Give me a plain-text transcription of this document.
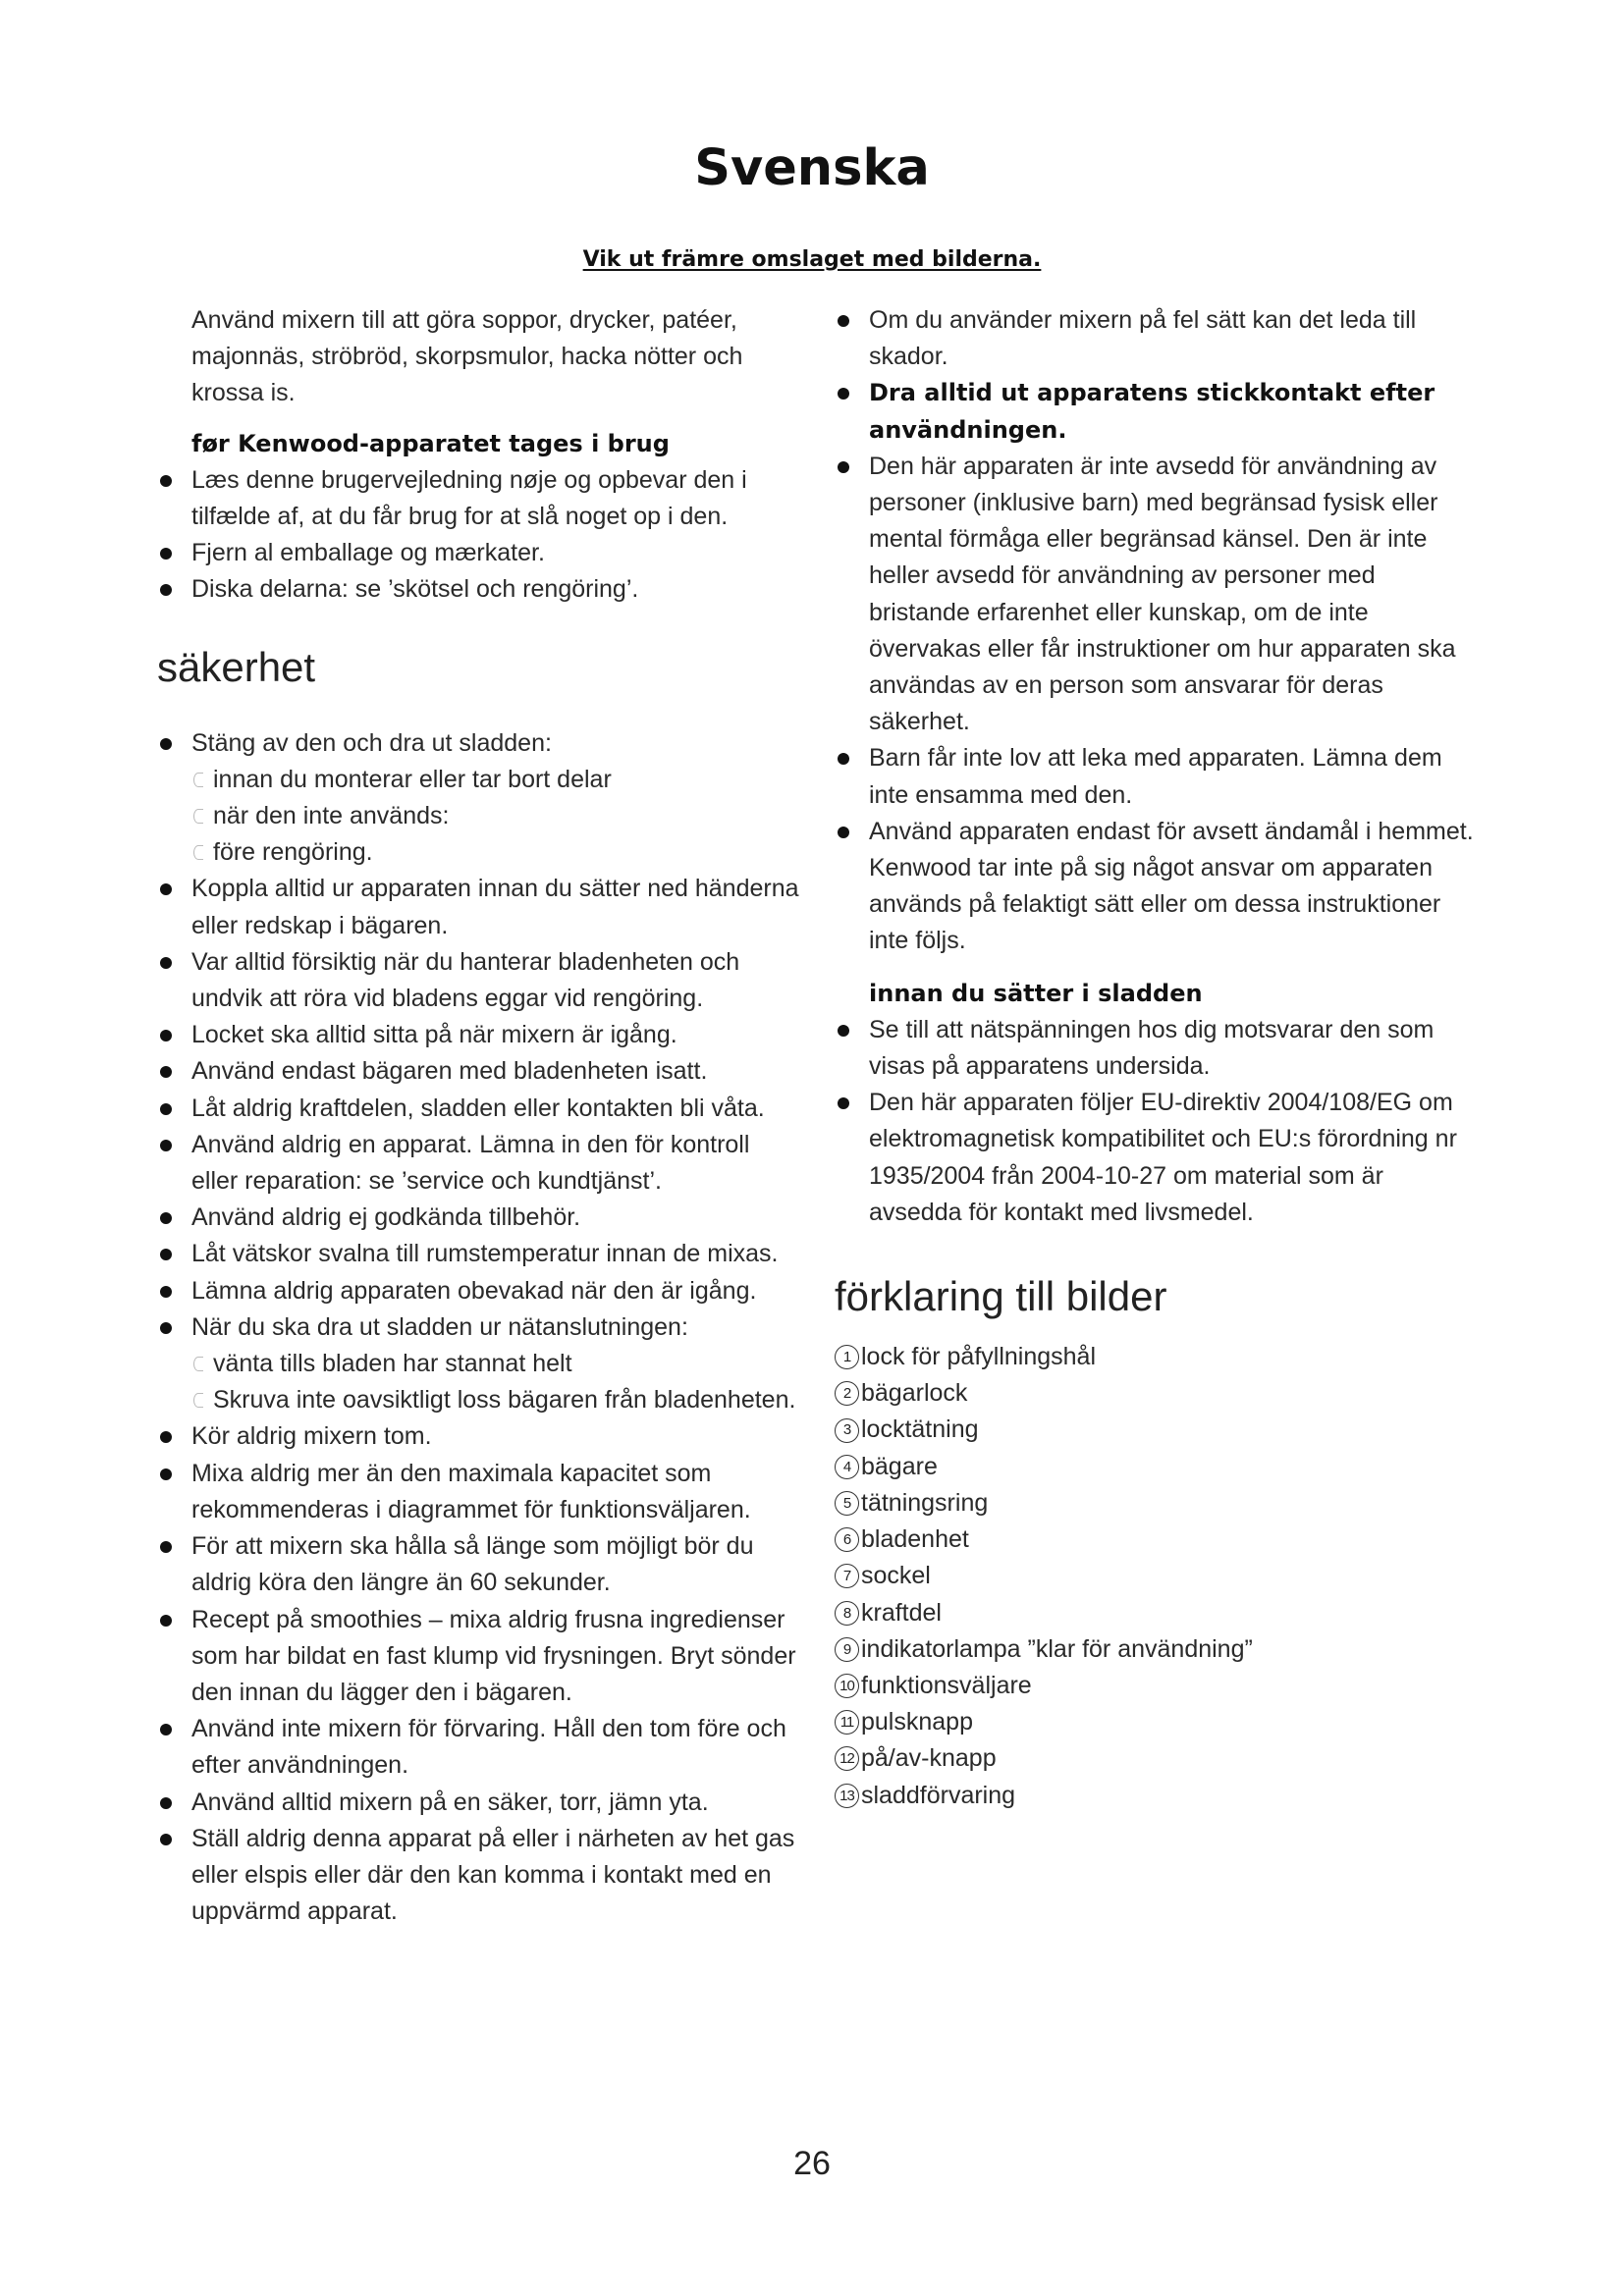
Svenska
Vik ut främre omslaget med bilderna.

Använd mixern till att göra soppor, drycker, patéer, majonnäs, ströbröd, skorpsmulor, hacka nötter och krossa is.

før Kenwood-apparatet tages i brug

Læs denne brugervejledning nøje og opbevar den i tilfælde af, at du får brug for at slå noget op i den.
Fjern al emballage og mærkater.
Diska delarna: se ’skötsel och rengöring’.
säkerhet
Stäng av den och dra ut sladden:
innan du monterar eller tar bort delar
när den inte används:
före rengöring.
Koppla alltid ur apparaten innan du sätter ned händerna eller redskap i bägaren.
Var alltid försiktig när du hanterar bladenheten och undvik att röra vid bladens eggar vid rengöring.
Locket ska alltid sitta på när mixern är igång.
Använd endast bägaren med bladenheten isatt.
Låt aldrig kraftdelen, sladden eller kontakten bli våta.
Använd aldrig en apparat. Lämna in den för kontroll eller reparation: se ’service och kundtjänst’.
Använd aldrig ej godkända tillbehör.
Låt vätskor svalna till rumstemperatur innan de mixas.
Lämna aldrig apparaten obevakad när den är igång.
När du ska dra ut sladden ur nätanslutningen:
vänta tills bladen har stannat helt
Skruva inte oavsiktligt loss bägaren från bladenheten.
Kör aldrig mixern tom.
Mixa aldrig mer än den maximala kapacitet som rekommenderas i diagrammet för funktionsväljaren.
För att mixern ska hålla så länge som möjligt bör du aldrig köra den längre än 60 sekunder.
Recept på smoothies – mixa aldrig frusna ingredienser som har bildat en fast klump vid frysningen. Bryt sönder den innan du lägger den i bägaren.
Använd inte mixern för förvaring. Håll den tom före och efter användningen.
Använd alltid mixern på en säker, torr, jämn yta.
Ställ aldrig denna apparat på eller i närheten av het gas eller elspis eller där den kan komma i kontakt med en uppvärmd apparat.
Om du använder mixern på fel sätt kan det leda till skador.
Dra alltid ut apparatens stickkontakt efter användningen.
Den här apparaten är inte avsedd för användning av personer (inklusive barn) med begränsad fysisk eller mental förmåga eller begränsad känsel. Den är inte heller avsedd för användning av personer med bristande erfarenhet eller kunskap, om de inte övervakas eller får instruktioner om hur apparaten ska användas av en person som ansvarar för deras säkerhet.
Barn får inte lov att leka med apparaten. Lämna dem inte ensamma med den.
Använd apparaten endast för avsett ändamål i hemmet. Kenwood tar inte på sig något ansvar om apparaten används på felaktigt sätt eller om dessa instruktioner inte följs.

innan du sätter i sladden

Se till att nätspänningen hos dig motsvarar den som visas på apparatens undersida.
Den här apparaten följer EU-direktiv 2004/108/EG om elektromagnetisk kompatibilitet och EU:s förordning nr 1935/2004 från 2004-10-27 om material som är avsedda för kontakt med livsmedel.
förklaring till bilder
1 lock för påfyllningshål
2 bägarlock
3 locktätning
4 bägare
5 tätningsring
6 bladenhet
7 sockel
8 kraftdel
9 indikatorlampa ”klar för användning”
10 funktionsväljare
11 pulsknapp
12 på/av-knapp
13 sladdförvaring
26
